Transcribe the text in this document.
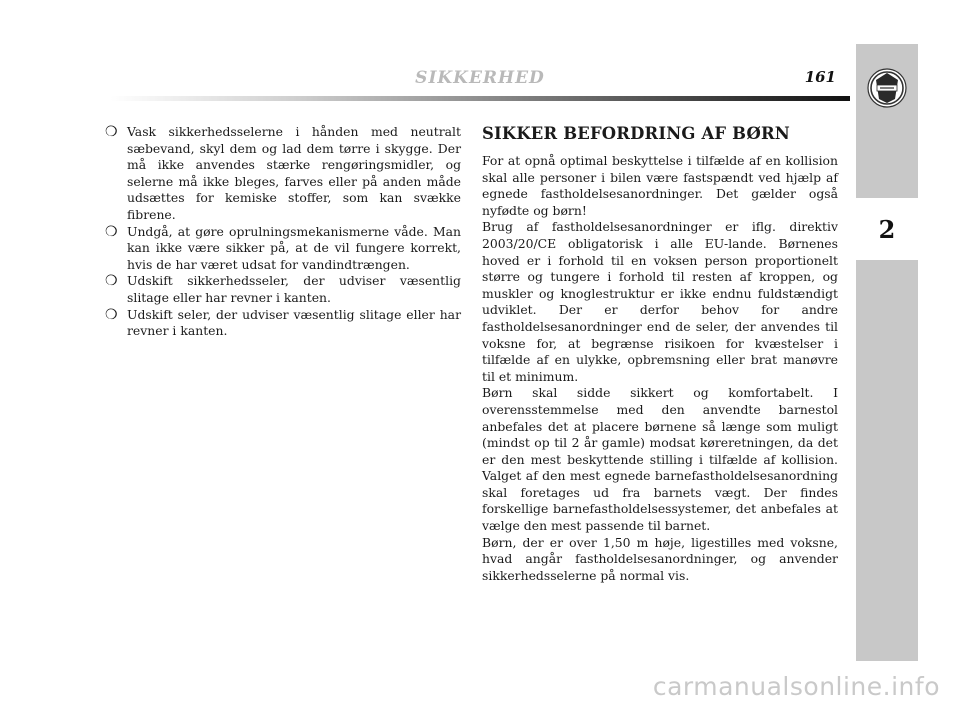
SIKKERHED	161
2
❍ Vask sikkerhedsselerne i hånden med neutralt sæbevand, skyl dem og lad dem tørre i skygge. Der må ikke anvendes stærke rengøringsmidler, og selerne må ikke bleges, farves eller på anden måde udsættes for kemiske stoffer, som kan svække fibrene.
❍ Undgå, at gøre oprulningsmekanismerne våde. Man kan ikke være sikker på, at de vil fungere korrekt, hvis de har været udsat for vandindtrængen.
❍ Udskift sikkerhedsseler, der udviser væsentlig slitage eller har revner i kanten.
❍ Udskift seler, der udviser væsentlig slitage eller har revner i kanten.
SIKKER BEFORDRING AF BØRN

For at opnå optimal beskyttelse i tilfælde af en kollision skal alle personer i bilen være fastspændt ved hjælp af egnede fastholdelsesanordninger. Det gælder også nyfødte og børn!

Brug af fastholdelsesanordninger er iflg. direktiv 2003/20/CE obligatorisk i alle EU-lande. Børnenes hoved er i forhold til en voksen person proportionelt større og tungere i forhold til resten af kroppen, og muskler og knoglestruktur er ikke endnu fuldstændigt udviklet. Der er derfor behov for andre fastholdelsesanordninger end de seler, der anvendes til voksne for, at begrænse risikoen for kvæstelser i tilfælde af en ulykke, opbremsning eller brat manøvre til et minimum.

Børn skal sidde sikkert og komfortabelt. I overensstemmelse med den anvendte barnestol anbefales det at placere børnene så længe som muligt (mindst op til 2 år gamle) modsat køreretningen, da det er den mest beskyttende stilling i tilfælde af kollision. Valget af den mest egnede barnefastholdelsesanordning skal foretages ud fra barnets vægt. Der findes forskellige barnefastholdelsessystemer, det anbefales at vælge den mest passende til barnet.

Børn, der er over 1,50 m høje, ligestilles med voksne, hvad angår fastholdelsesanordninger, og anvender sikkerhedsselerne på normal vis.

carmanualsonline.info
